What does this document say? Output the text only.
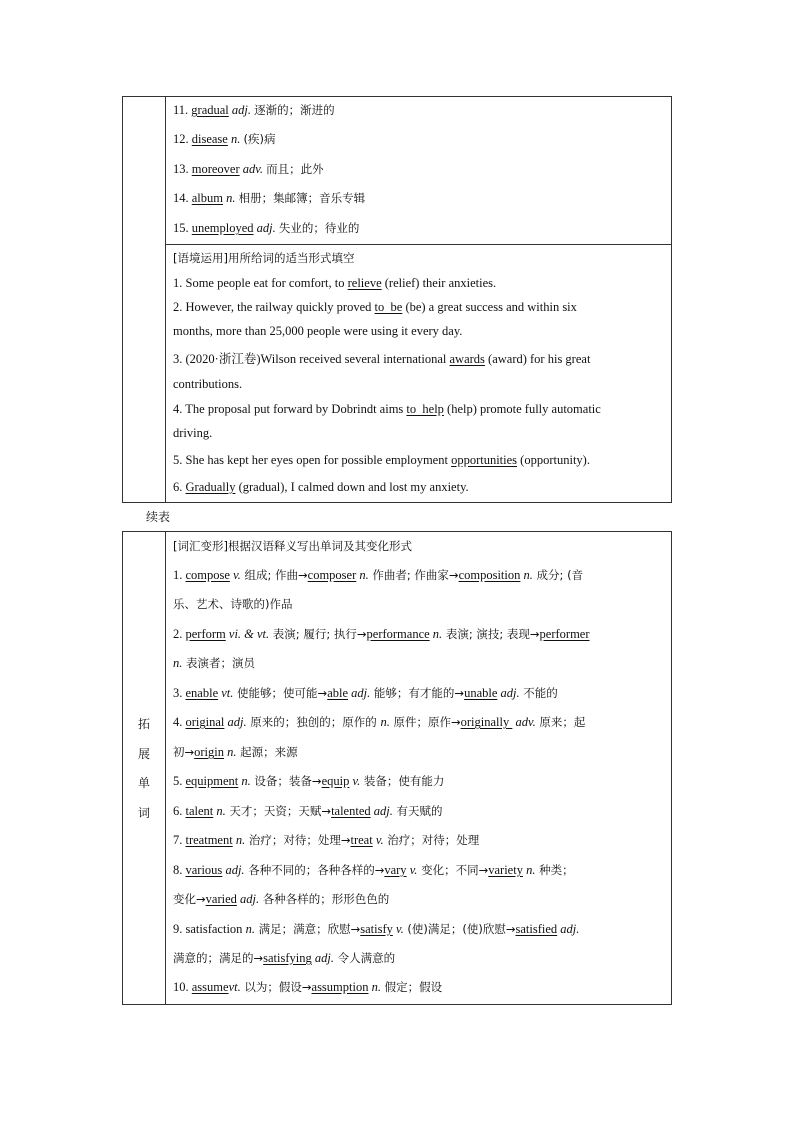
11. gradual adj. 逐渐的；渐进的
12. disease n. (疾)病
13. moreover adv. 而且；此外
14. album n. 相册；集邮簿；音乐专辑
15. unemployed adj. 失业的；待业的
[语境运用]用所给词的适当形式填空
1. Some people eat for comfort, to relieve (relief) their anxieties.
2. However, the railway quickly proved to  be (be) a great success and within six
months, more than 25,000 people were using it every day.
3. (2020·浙江卷)Wilson received several international awards (award) for his great
contributions.
4. The proposal put forward by Dobrindt aims to  help (help) promote fully automatic
driving.
5. She has kept her eyes open for possible employment opportunities (opportunity).
6. Gradually (gradual), I calmed down and lost my anxiety.
续表
拓
展
单
词
[词汇变形]根据汉语释义写出单词及其变化形式
1. compose v. 组成; 作曲→composer n. 作曲者; 作曲家→composition n. 成分; (音
乐、艺术、诗歌的)作品
2. perform vi. & vt. 表演; 履行; 执行→performance n. 表演; 演技; 表现→performer
n. 表演者；演员
3. enable vt. 使能够；使可能→able adj. 能够；有才能的→unable adj. 不能的
4. original adj. 原来的；独创的；原作的 n. 原件；原作→originally  adv. 原来；起
初→origin n. 起源；来源
5. equipment n. 设备；装备→equip v. 装备；使有能力
6. talent n. 天才；天资；天赋→talented adj. 有天赋的
7. treatment n. 治疗；对待；处理→treat v. 治疗；对待；处理
8. various adj. 各种不同的；各种各样的→vary v. 变化；不同→variety n. 种类；
变化→varied adj. 各种各样的；形形色色的
9. satisfaction n. 满足；满意；欣慰→satisfy v. (使)满足；(使)欣慰→satisfied adj.
满意的；满足的→satisfying adj. 令人满意的
10. assumevt. 以为；假设→assumption n. 假定；假设
